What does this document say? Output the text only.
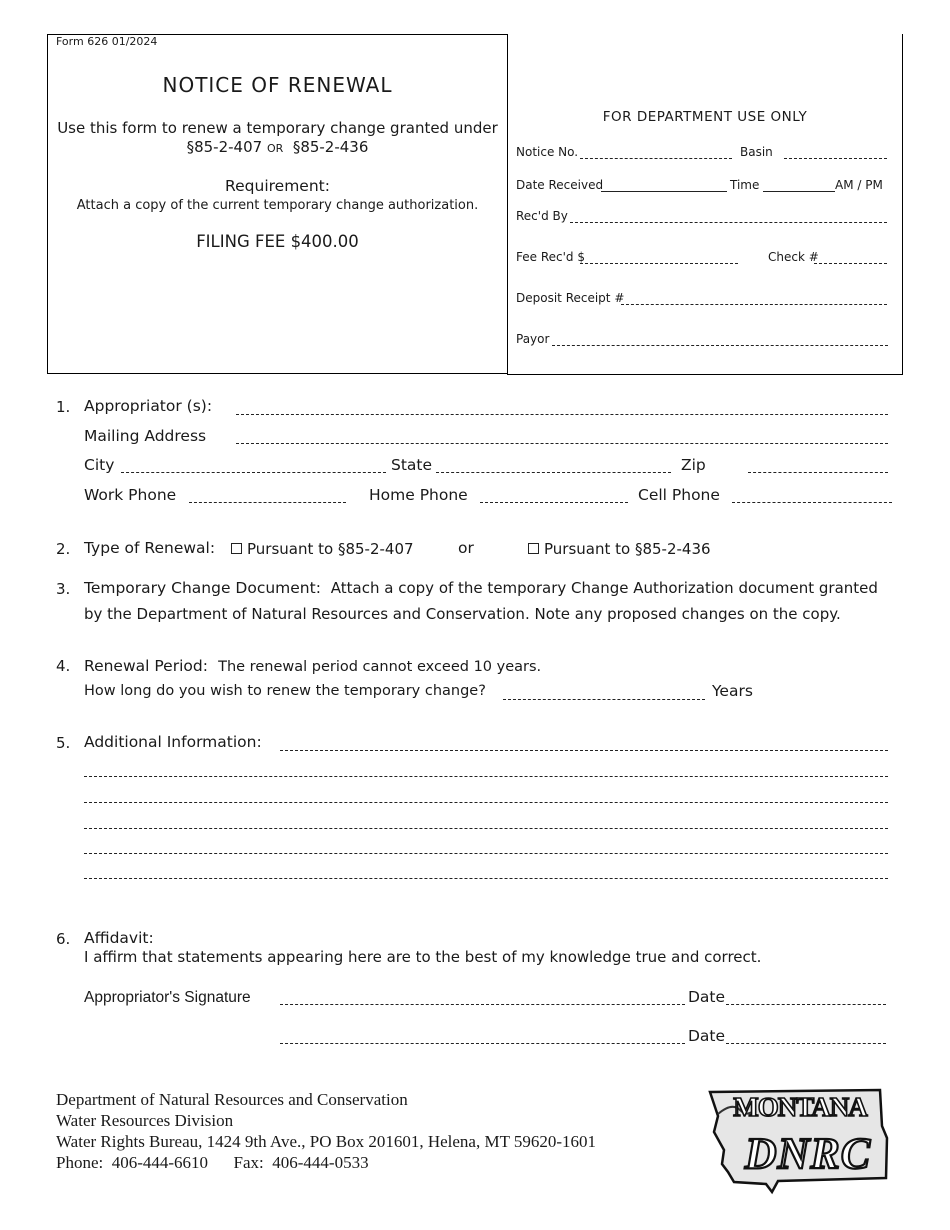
Form 626 01/2024
NOTICE OF RENEWAL
Use this form to renew a temporary change granted under
§85-2-407 OR §85-2-436
Requirement:
Attach a copy of the current temporary change authorization.
FILING FEE $400.00
FOR DEPARTMENT USE ONLY
Notice No.	Basin
Date Received	Time	AM / PM
Rec'd By
Fee Rec'd $	Check #
Deposit Receipt #
Payor
1. Appropriator (s):
Mailing Address
City	State	Zip
Work Phone	Home Phone	Cell Phone
2. Type of Renewal:	Pursuant to §85-2-407	or	Pursuant to §85-2-436
3. Temporary Change Document: Attach a copy of the temporary Change Authorization document granted
by the Department of Natural Resources and Conservation. Note any proposed changes on the copy.
4. Renewal Period: The renewal period cannot exceed 10 years.
How long do you wish to renew the temporary change?	Years
5. Additional Information:
6. Affidavit:
I affirm that statements appearing here are to the best of my knowledge true and correct.
Appropriator's Signature	Date
Date
Department of Natural Resources and Conservation
Water Resources Division
Water Rights Bureau, 1424 9th Ave., PO Box 201601, Helena, MT 59620-1601
Phone:  406-444-6610      Fax:  406-444-0533
MONTANA
DNRC
